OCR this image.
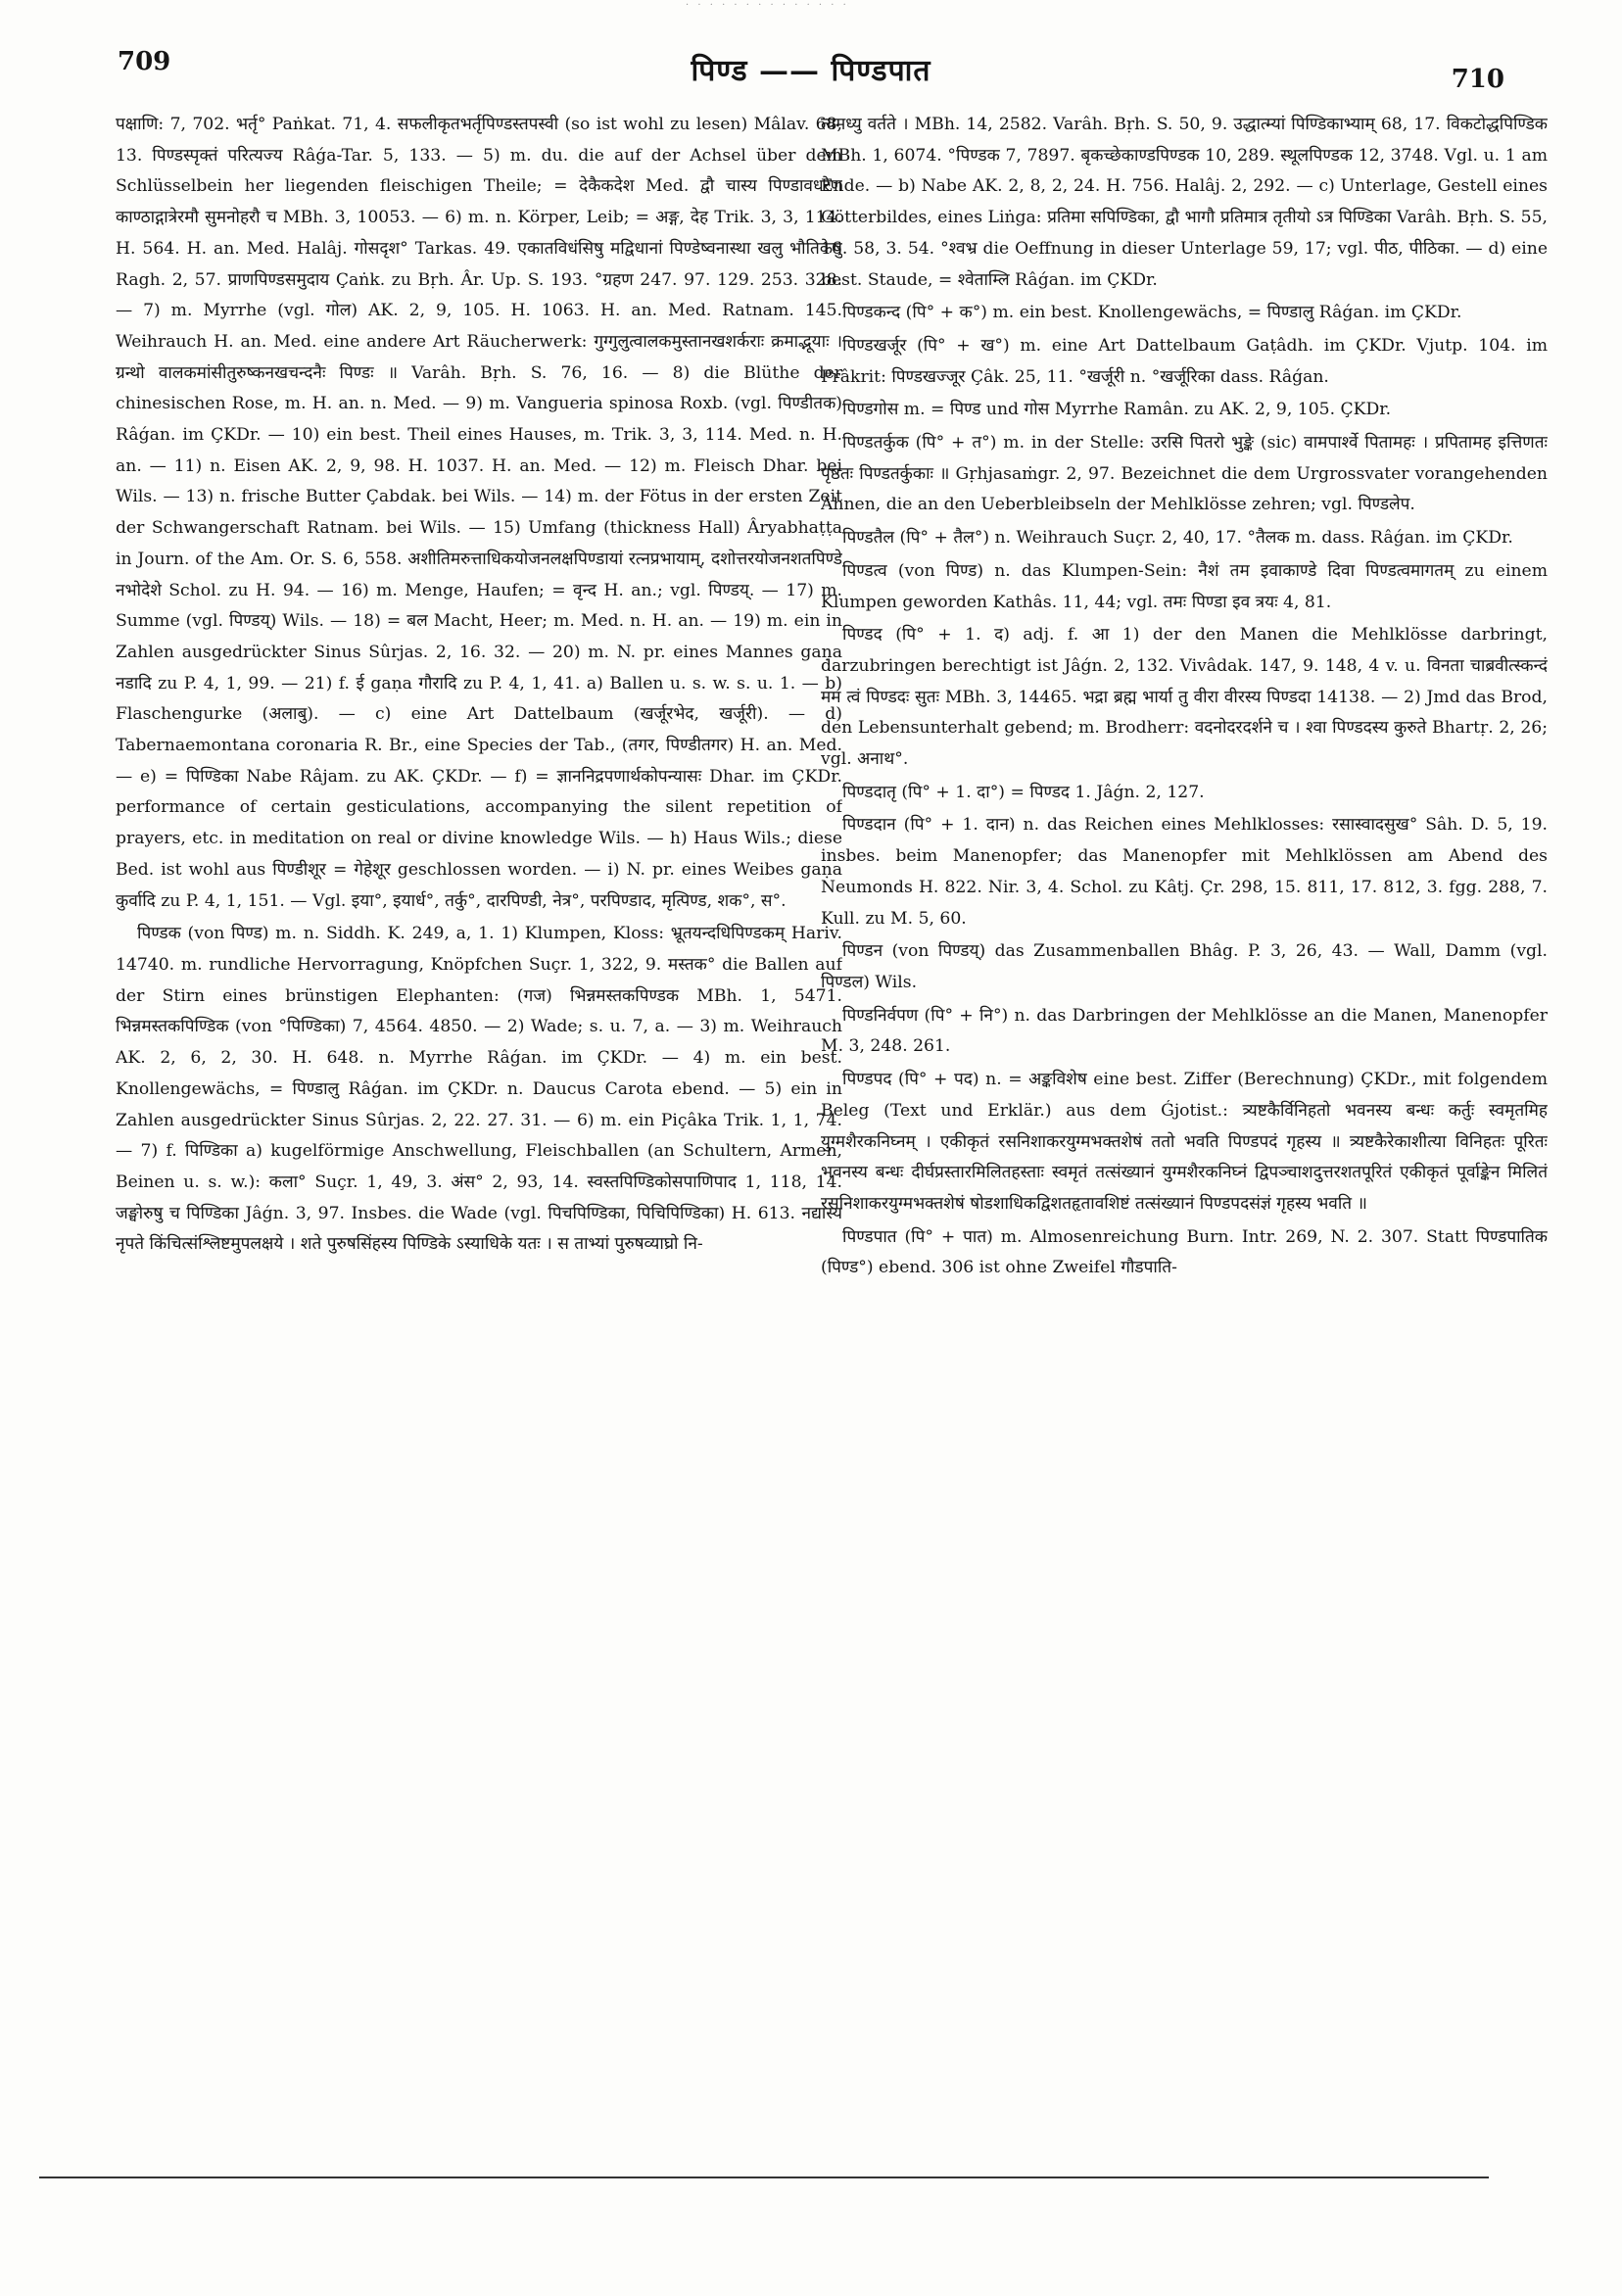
· · · · · · · · · · · · · ·
709	पिण्ड —— पिण्डपात	710

पक्षाणि: 7, 702. भर्तृ° Paṅkat. 71, 4. सफलीकृतभर्तृपिण्डस्तपस्वी (so ist wohl zu lesen) Mâlav. 68, 13. पिण्डस्पृक्तं परित्यज्य Râǵa-Tar. 5, 133. — 5) m. du. die auf der Achsel über dem Schlüsselbein her liegenden fleischigen Theile; = देकैकदेश Med. द्वौ चास्य पिण्डावधरेण काण्ठाद्गात्रेरमौ सुमनोहरौ च MBh. 3, 10053. — 6) m. n. Körper, Leib; = अङ्ग, देह Trik. 3, 3, 114. H. 564. H. an. Med. Halâj. गोसदृश° Tarkas. 49. एकातविधंसिषु मद्विधानां पिण्डेष्वनास्था खलु भौतिकेषु Ragh. 2, 57. प्राणपिण्डसमुदाय Çaṅk. zu Bṛh. Âr. Up. S. 193. °ग्रहण 247. 97. 129. 253. 328. — 7) m. Myrrhe (vgl. गोल) AK. 2, 9, 105. H. 1063. H. an. Med. Ratnam. 145. Weihrauch H. an. Med. eine andere Art Räucherwerk: गुग्गुलुत्वालकमुस्तानखशर्कराः क्रमाद्भूयाः । ग्रन्थो वालकमांसीतुरुष्कनखचन्दनैः पिण्डः ॥ Varâh. Bṛh. S. 76, 16. — 8) die Blüthe der chinesischen Rose, m. H. an. n. Med. — 9) m. Vangueria spinosa Roxb. (vgl. पिण्डीतक) Râǵan. im ÇKDr. — 10) ein best. Theil eines Hauses, m. Trik. 3, 3, 114. Med. n. H. an. — 11) n. Eisen AK. 2, 9, 98. H. 1037. H. an. Med. — 12) m. Fleisch Dhar. bei Wils. — 13) n. frische Butter Çabdak. bei Wils. — 14) m. der Fötus in der ersten Zeit der Schwangerschaft Ratnam. bei Wils. — 15) Umfang (thickness Hall) Âryabhaṭṭa in Journ. of the Am. Or. S. 6, 558. अशीतिमरुत्ताधिकयोजनलक्षपिण्डायां रत्नप्रभायाम्, दशोत्तरयोजनशतपिण्डे नभोदेशे Schol. zu H. 94. — 16) m. Menge, Haufen; = वृन्द H. an.; vgl. पिण्डय्. — 17) m. Summe (vgl. पिण्डय्) Wils. — 18) = बल Macht, Heer; m. Med. n. H. an. — 19) m. ein in Zahlen ausgedrückter Sinus Sûrjas. 2, 16. 32. — 20) m. N. pr. eines Mannes gaṇa नडादि zu P. 4, 1, 99. — 21) f. ई gaṇa गौरादि zu P. 4, 1, 41. a) Ballen u. s. w. s. u. 1. — b) Flaschengurke (अलाबु). — c) eine Art Dattelbaum (खर्जूरभेद, खर्जूरी). — d) Tabernaemontana coronaria R. Br., eine Species der Tab., (तगर, पिण्डीतगर) H. an. Med. — e) = पिण्डिका Nabe Râjam. zu AK. ÇKDr. — f) = ज्ञाननिद्रपणार्थकोपन्यासः Dhar. im ÇKDr. performance of certain gesticulations, accompanying the silent repetition of prayers, etc. in meditation on real or divine knowledge Wils. — h) Haus Wils.; diese Bed. ist wohl aus पिण्डीशूर = गेहेशूर geschlossen worden. — i) N. pr. eines Weibes gaṇa कुर्वादि zu P. 4, 1, 151. — Vgl. इया°, इयार्ध°, तर्कु°, दारपिण्डी, नेत्र°, परपिण्डाद, मृत्पिण्ड, शक°, स°.

पिण्डक (von पिण्ड) m. n. Siddh. K. 249, a, 1. 1) Klumpen, Kloss: भ्रूतयन्दधिपिण्डकम् Hariv. 14740. m. rundliche Hervorragung, Knöpfchen Suçr. 1, 322, 9. मस्तक° die Ballen auf der Stirn eines brünstigen Elephanten: (गज) भिन्नमस्तकपिण्डक MBh. 1, 5471. भिन्नमस्तकपिण्डिक (von °पिण्डिका) 7, 4564. 4850. — 2) Wade; s. u. 7, a. — 3) m. Weihrauch AK. 2, 6, 2, 30. H. 648. n. Myrrhe Râǵan. im ÇKDr. — 4) m. ein best. Knollengewächs, = पिण्डालु Râǵan. im ÇKDr. n. Daucus Carota ebend. — 5) ein in Zahlen ausgedrückter Sinus Sûrjas. 2, 22. 27. 31. — 6) m. ein Piçâka Trik. 1, 1, 74. — 7) f. पिण्डिका a) kugelförmige Anschwellung, Fleischballen (an Schultern, Armen, Beinen u. s. w.): कला° Suçr. 1, 49, 3. अंस° 2, 93, 14. स्वस्तपिण्डिकोसपाणिपाद 1, 118, 14. जङ्घोरुषु च पिण्डिका Jâǵn. 3, 97. Insbes. die Wade (vgl. पिचपिण्डिका, पिचिपिण्डिका) H. 613. नद्यास्य नृपते किंचित्संश्लिष्टमुपलक्षये । शते पुरुषसिंहस्य पिण्डिके ऽस्याधिके यतः । स ताभ्यां पुरुषव्याघ्रो नि-

त्यमध्यु वर्तते । MBh. 14, 2582. Varâh. Bṛh. S. 50, 9. उद्धात्म्यां पिण्डिकाभ्याम् 68, 17. विकटोद्धपिण्डिक MBh. 1, 6074. °पिण्डक 7, 7897. बृकच्छेकाण्डपिण्डक 10, 289. स्थूलपिण्डक 12, 3748. Vgl. u. 1 am Ende. — b) Nabe AK. 2, 8, 2, 24. H. 756. Halâj. 2, 292. — c) Unterlage, Gestell eines Götterbildes, eines Liṅga: प्रतिमा सपिण्डिका, द्वौ भागौ प्रतिमात्र तृतीयो ऽत्र पिण्डिका Varâh. Bṛh. S. 55, 16. 58, 3. 54. °श्वभ्र die Oeffnung in dieser Unterlage 59, 17; vgl. पीठ, पीठिका. — d) eine best. Staude, = श्वेताम्लि Râǵan. im ÇKDr.

पिण्डकन्द (पि° + क°) m. ein best. Knollengewächs, = पिण्डालु Râǵan. im ÇKDr.

पिण्डखर्जूर (पि° + ख°) m. eine Art Dattelbaum Gaṭâdh. im ÇKDr. Vjutp. 104. im Prâkrit: पिण्डखज्जूर Çâk. 25, 11. °खर्जूरी n. °खर्जूरिका dass. Râǵan.

पिण्डगोस m. = पिण्ड und गोस Myrrhe Ramân. zu AK. 2, 9, 105. ÇKDr.

पिण्डतर्कुक (पि° + त°) m. in der Stelle: उरसि पितरो भुङ्के (sic) वामपार्श्वे पितामहः । प्रपितामह इत्तिणतः पृष्ठतः पिण्डतर्कुकाः ॥ Gṛhjasaṁgr. 2, 97. Bezeichnet die dem Urgrossvater vorangehenden Ahnen, die an den Ueberbleibseln der Mehlklösse zehren; vgl. पिण्डलेप.

पिण्डतैल (पि° + तैल°) n. Weihrauch Suçr. 2, 40, 17. °तैलक m. dass. Râǵan. im ÇKDr.

पिण्डत्व (von पिण्ड) n. das Klumpen-Sein: नैशं तम इवाकाण्डे दिवा पिण्डत्वमागतम् zu einem Klumpen geworden Kathâs. 11, 44; vgl. तमः पिण्डा इव त्रयः 4, 81.

पिण्डद (पि° + 1. द) adj. f. आ 1) der den Manen die Mehlklösse darbringt, darzubringen berechtigt ist Jâǵn. 2, 132. Vivâdak. 147, 9. 148, 4 v. u. विनता चाब्रवीत्स्कन्दं मम त्वं पिण्डदः सुतः MBh. 3, 14465. भद्रा ब्रह्म भार्या तु वीरा वीरस्य पिण्डदा 14138. — 2) Jmd das Brod, den Lebensunterhalt gebend; m. Brodherr: वदनोदरदर्शने च । श्वा पिण्डदस्य कुरुते Bhartṛ. 2, 26; vgl. अनाथ°.

पिण्डदातृ (पि° + 1. दा°) = पिण्डद 1. Jâǵn. 2, 127.

पिण्डदान (पि° + 1. दान) n. das Reichen eines Mehlklosses: रसास्वादसुख° Sâh. D. 5, 19. insbes. beim Manenopfer; das Manenopfer mit Mehlklössen am Abend des Neumonds H. 822. Nir. 3, 4. Schol. zu Kâtj. Çr. 298, 15. 811, 17. 812, 3. fgg. 288, 7. Kull. zu M. 5, 60.

पिण्डन (von पिण्डय्) das Zusammenballen Bhâg. P. 3, 26, 43. — Wall, Damm (vgl. पिण्डल) Wils.

पिण्डनिर्वपण (पि° + नि°) n. das Darbringen der Mehlklösse an die Manen, Manenopfer M. 3, 248. 261.

पिण्डपद (पि° + पद) n. = अङ्कविशेष eine best. Ziffer (Berechnung) ÇKDr., mit folgendem Beleg (Text und Erklär.) aus dem Ǵjotist.: त्र्यष्टकैर्विनिहतो भवनस्य बन्धः कर्तुः स्वमृतमिह युग्मशैरकनिघ्नम् । एकीकृतं रसनिशाकरयुग्मभक्तशेषं ततो भवति पिण्डपदं गृहस्य ॥ त्र्यष्टकैरेकाशीत्या विनिहतः पूरितः भवनस्य बन्धः दीर्घप्रस्तारमिलितहस्ताः स्वमृतं तत्संख्यानं युग्मशैरकनिघ्नं द्विपञ्चाशदुत्तरशतपूरितं एकीकृतं पूर्वाङ्केन मिलितं रसनिशाकरयुग्मभक्तशेषं षोडशाधिकद्विशतहृतावशिष्टं तत्संख्यानं पिण्डपदसंज्ञं गृहस्य भवति ॥

पिण्डपात (पि° + पात) m. Almosenreichung Burn. Intr. 269, N. 2. 307. Statt पिण्डपातिक (पिण्ड°) ebend. 306 ist ohne Zweifel गौडपाति-
